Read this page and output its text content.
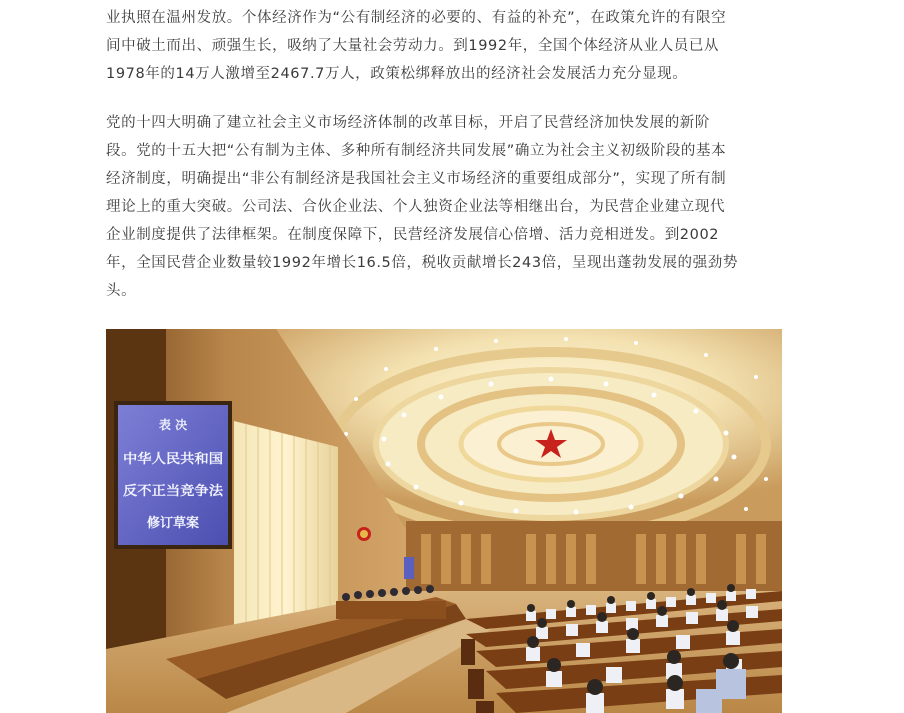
业执照在温州发放。个体经济作为“公有制经济的必要的、有益的补充”，在政策允许的有限空
间中破土而出、顽强生长，吸纳了大量社会劳动力。到1992年，全国个体经济从业人员已从
1978年的14万人激增至2467.7万人，政策松绑释放出的经济社会发展活力充分显现。

党的十四大明确了建立社会主义市场经济体制的改革目标，开启了民营经济加快发展的新阶
段。党的十五大把“公有制为主体、多种所有制经济共同发展”确立为社会主义初级阶段的基本
经济制度，明确提出“非公有制经济是我国社会主义市场经济的重要组成部分”，实现了所有制
理论上的重大突破。公司法、合伙企业法、个人独资企业法等相继出台，为民营企业建立现代
企业制度提供了法律框架。在制度保障下，民营经济发展信心倍增、活力竞相迸发。到2002
年，全国民营企业数量较1992年增长16.5倍，税收贡献增长243倍，呈现出蓬勃发展的强劲势
头。

表 决
中华人民共和国
反不正当竞争法
修订草案
